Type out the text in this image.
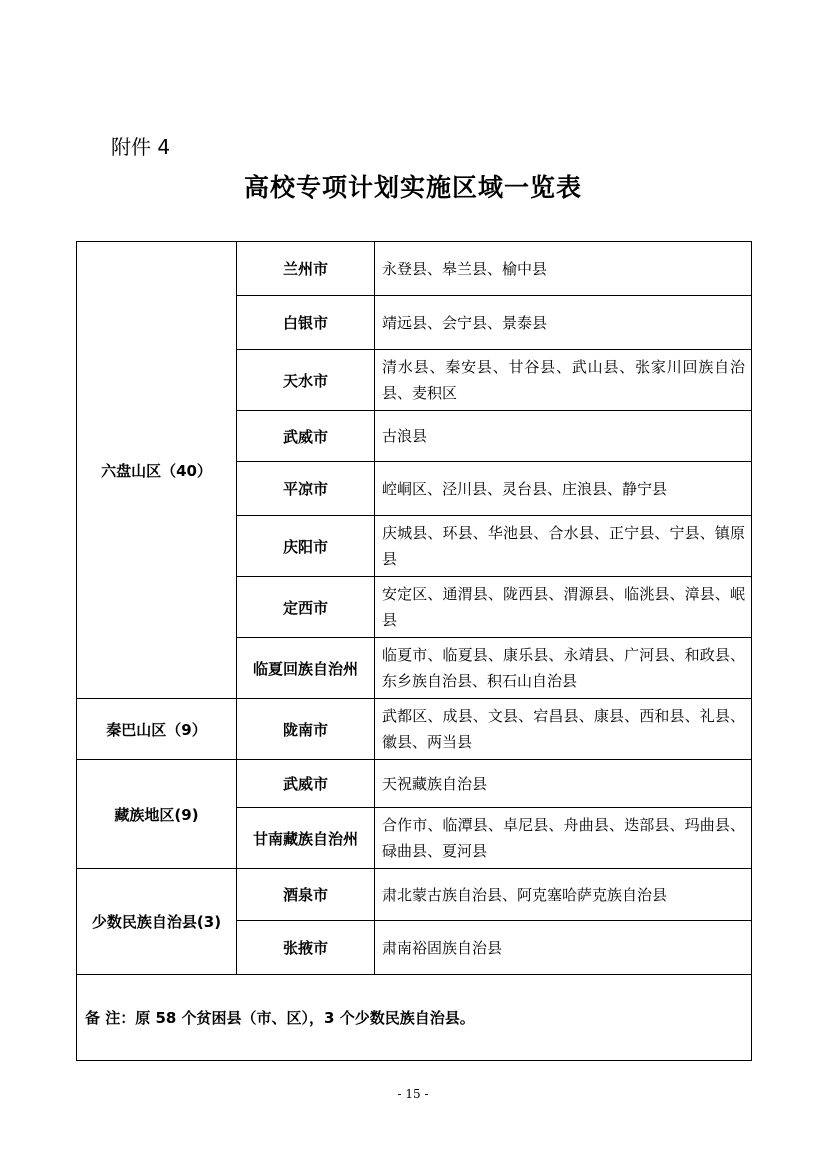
附件 4
高校专项计划实施区域一览表
六盘山区（40）	兰州市	永登县、皋兰县、榆中县
	白银市	靖远县、会宁县、景泰县
	天水市	清水县、秦安县、甘谷县、武山县、张家川回族自治县、麦积区
	武威市	古浪县
	平凉市	崆峒区、泾川县、灵台县、庄浪县、静宁县
	庆阳市	庆城县、环县、华池县、合水县、正宁县、宁县、镇原县
	定西市	安定区、通渭县、陇西县、渭源县、临洮县、漳县、岷县
	临夏回族自治州	临夏市、临夏县、康乐县、永靖县、广河县、和政县、东乡族自治县、积石山自治县
秦巴山区（9）	陇南市	武都区、成县、文县、宕昌县、康县、西和县、礼县、徽县、两当县
藏族地区(9)	武威市	天祝藏族自治县
	甘南藏族自治州	合作市、临潭县、卓尼县、舟曲县、迭部县、玛曲县、碌曲县、夏河县
少数民族自治县(3)	酒泉市	肃北蒙古族自治县、阿克塞哈萨克族自治县
	张掖市	肃南裕固族自治县
备 注：原 58 个贫困县（市、区），3 个少数民族自治县。		
- 15 -
